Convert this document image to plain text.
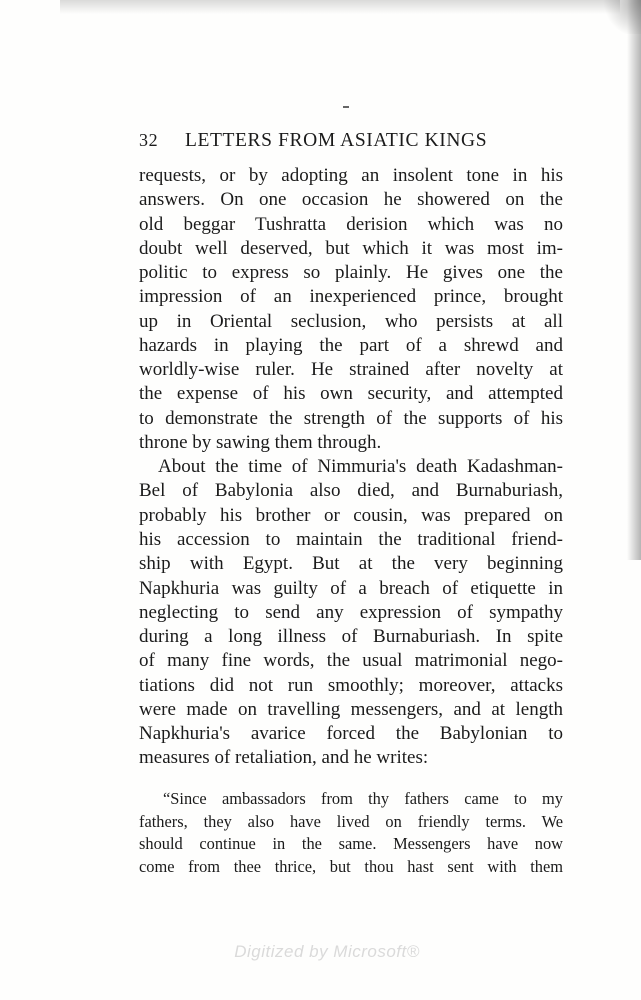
32 LETTERS FROM ASIATIC KINGS
requests, or by adopting an insolent tone in his
answers. On one occasion he showered on the
old beggar Tushratta derision which was no
doubt well deserved, but which it was most im-
politic to express so plainly. He gives one the
impression of an inexperienced prince, brought
up in Oriental seclusion, who persists at all
hazards in playing the part of a shrewd and
worldly-wise ruler. He strained after novelty at
the expense of his own security, and attempted
to demonstrate the strength of the supports of his
throne by sawing them through.
About the time of Nimmuria's death Kadashman-
Bel of Babylonia also died, and Burnaburiash,
probably his brother or cousin, was prepared on
his accession to maintain the traditional friend-
ship with Egypt. But at the very beginning
Napkhuria was guilty of a breach of etiquette in
neglecting to send any expression of sympathy
during a long illness of Burnaburiash. In spite
of many fine words, the usual matrimonial nego-
tiations did not run smoothly; moreover, attacks
were made on travelling messengers, and at length
Napkhuria's avarice forced the Babylonian to
measures of retaliation, and he writes:
“Since ambassadors from thy fathers came to my
fathers, they also have lived on friendly terms. We
should continue in the same. Messengers have now
come from thee thrice, but thou hast sent with them
Digitized by Microsoft®
